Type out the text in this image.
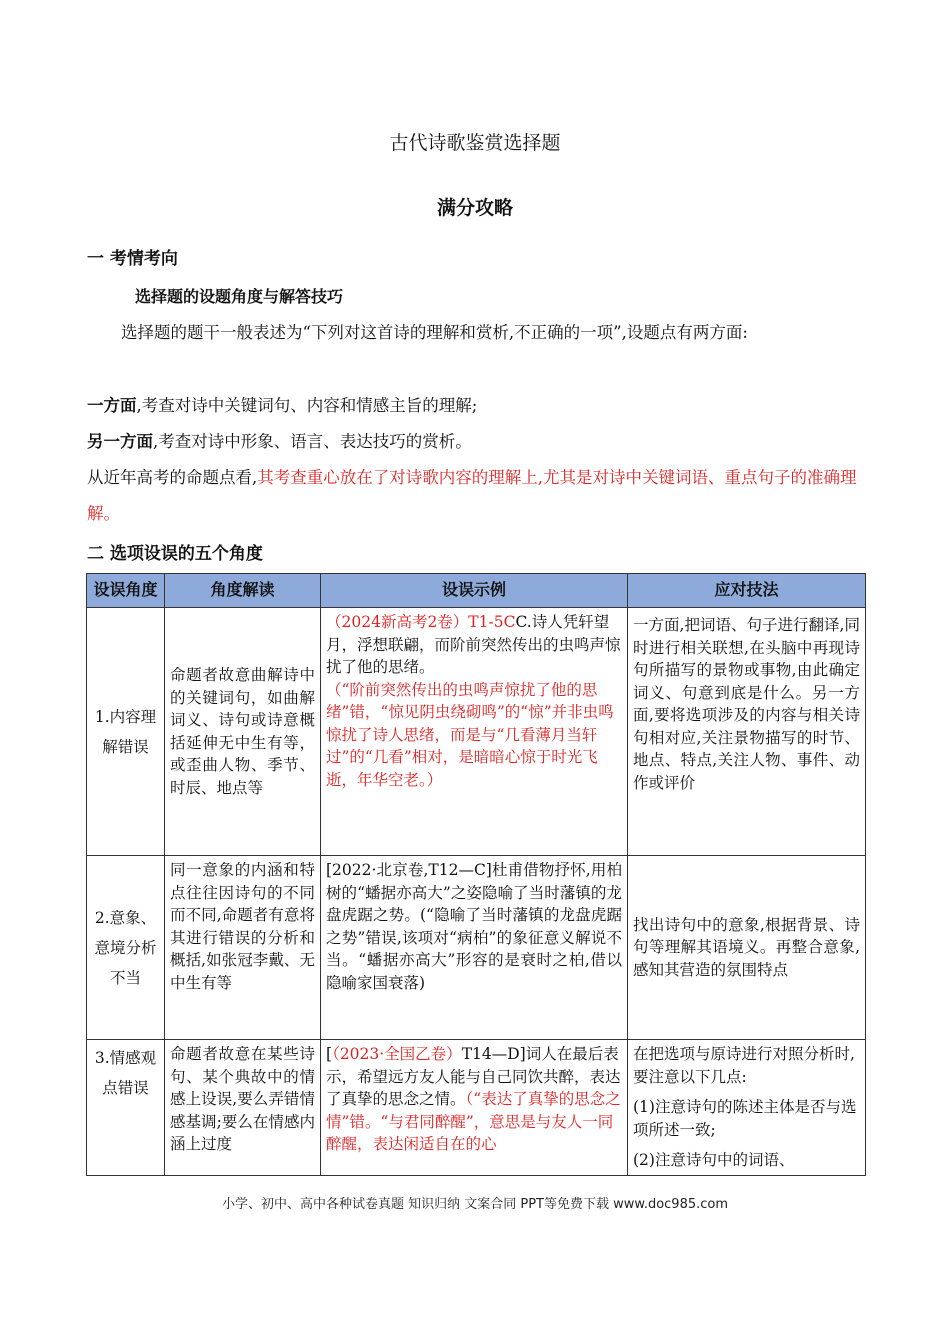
古代诗歌鉴赏选择题
满分攻略
一 考情考向
选择题的设题角度与解答技巧
选择题的题干一般表述为“下列对这首诗的理解和赏析,不正确的一项”,设题点有两方面:
一方面,考查对诗中关键词句、内容和情感主旨的理解;
另一方面,考查对诗中形象、语言、表达技巧的赏析。
从近年高考的命题点看,其考查重心放在了对诗歌内容的理解上,尤其是对诗中关键词语、重点句子的准确理解。
二 选项设误的五个角度
设误角度	角度解读	设误示例	应对技法
1.内容理解错误	命题者故意曲解诗中的关键词句，如曲解词义、诗句或诗意概括延伸无中生有等，或歪曲人物、季节、时辰、地点等	（2024新高考2卷）T1-5CC.诗人凭轩望月，浮想联翩，而阶前突然传出的虫鸣声惊扰了他的思绪。
（“阶前突然传出的虫鸣声惊扰了他的思绪”错，“惊见阴虫绕砌鸣”的“惊”并非虫鸣惊扰了诗人思绪，而是与“几看薄月当轩过”的“几看”相对，是暗暗心惊于时光飞逝，年华空老。）	一方面,把词语、句子进行翻译,同时进行相关联想,在头脑中再现诗句所描写的景物或事物,由此确定词义、句意到底是什么。另一方面,要将选项涉及的内容与相关诗句相对应,关注景物描写的时节、地点、特点,关注人物、事件、动作或评价
2.意象、意境分析不当	同一意象的内涵和特点往往因诗句的不同而不同,命题者有意将其进行错误的分析和概括,如张冠李戴、无中生有等	[2022·北京卷,T12—C]杜甫借物抒怀,用柏树的“蟠据亦高大”之姿隐喻了当时藩镇的龙盘虎踞之势。(“隐喻了当时藩镇的龙盘虎踞之势”错误,该项对“病柏”的象征意义解说不当。“蟠据亦高大”形容的是衰时之柏,借以隐喻家国衰落)	找出诗句中的意象,根据背景、诗句等理解其语境义。再整合意象,感知其营造的氛围特点
3.情感观点错误	命题者故意在某些诗句、某个典故中的情感上设误,要么弄错情感基调;要么在情感内涵上过度	[（2023·全国乙卷）T14—D]词人在最后表示，希望远方友人能与自己同饮共醉，表达了真挚的思念之情。（“表达了真挚的思念之情”错。“与君同醉醒”，意思是与友人一同醉醒，表达闲适自在的心	在把选项与原诗进行对照分析时,要注意以下几点:
(1)注意诗句的陈述主体是否与选项所述一致;
(2)注意诗句中的词语、
小学、初中、高中各种试卷真题 知识归纳 文案合同 PPT等免费下载 www.doc985.com
